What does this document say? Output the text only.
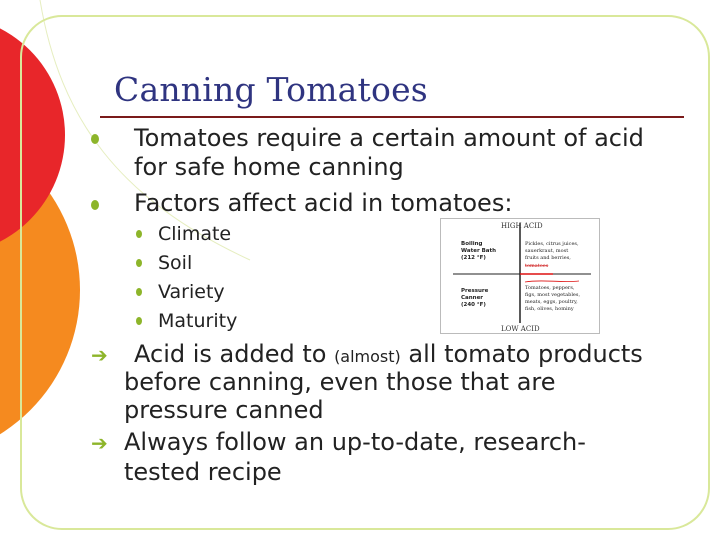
Canning Tomatoes
Tomatoes require a certain amount of acid
for safe home canning
Factors affect acid in tomatoes:
Climate
Soil
Variety
Maturity
HIGH ACID
LOW ACID
Boiling
Water Bath
(212 °F)
Pressure
Canner
(240 °F)
Pickles, citrus juices,
sauerkraut, most
fruits and berries,
tomatoes
Tomatoes, peppers,
figs, most vegetables,
meats, eggs, poultry,
fish, olives, hominy
➔ Acid is added to (almost) all tomato products
before canning, even those that are
pressure canned
➔ Always follow an up-to-date, research-
tested recipe
